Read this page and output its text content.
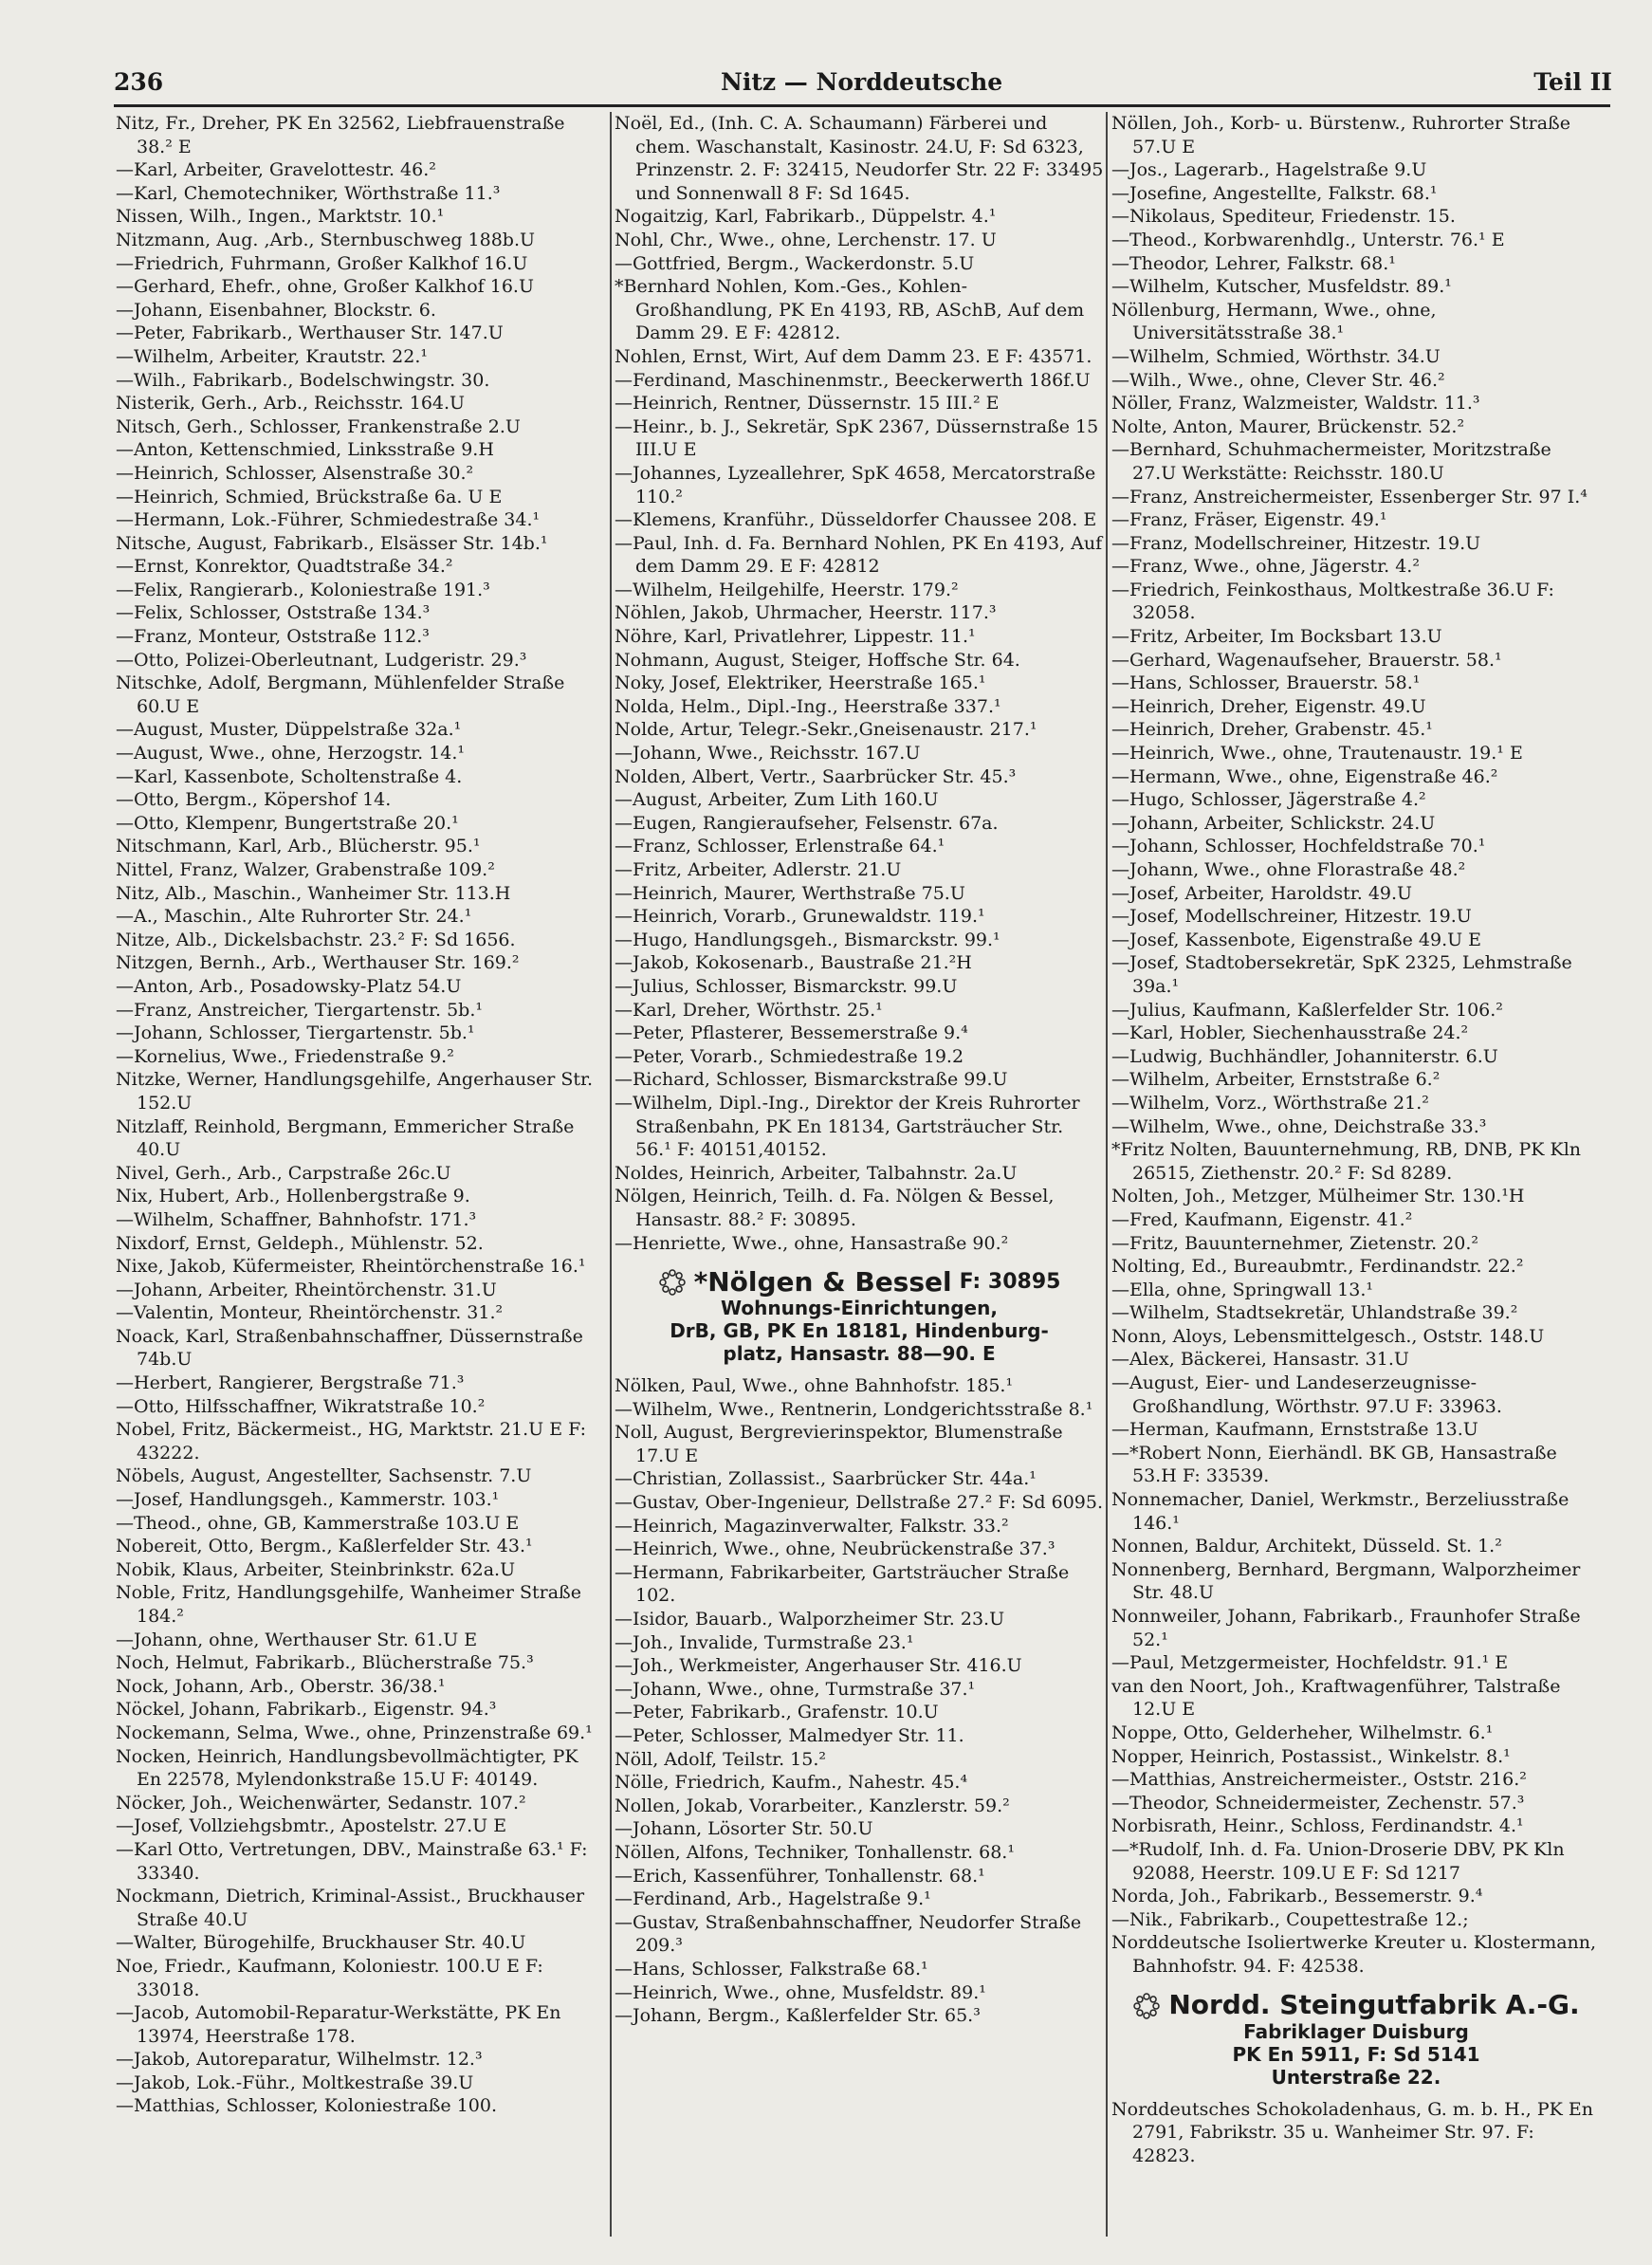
236	Nitz — Norddeutsche	Teil II

Nitz, Fr., Dreher, PK En 32562, Liebfrauenstraße 38.² E

—Karl, Arbeiter, Gravelottestr. 46.²

—Karl, Chemotechniker, Wörthstraße 11.³

Nissen, Wilh., Ingen., Marktstr. 10.¹

Nitzmann, Aug. ,Arb., Sternbuschweg 188b.U

—Friedrich, Fuhrmann, Großer Kalkhof 16.U

—Gerhard, Ehefr., ohne, Großer Kalkhof 16.U

—Johann, Eisenbahner, Blockstr. 6.

—Peter, Fabrikarb., Werthauser Str. 147.U

—Wilhelm, Arbeiter, Krautstr. 22.¹

—Wilh., Fabrikarb., Bodelschwingstr. 30.

Nisterik, Gerh., Arb., Reichsstr. 164.U

Nitsch, Gerh., Schlosser, Frankenstraße 2.U

—Anton, Kettenschmied, Linksstraße 9.H

—Heinrich, Schlosser, Alsenstraße 30.²

—Heinrich, Schmied, Brückstraße 6a. U E

—Hermann, Lok.-Führer, Schmiedestraße 34.¹

Nitsche, August, Fabrikarb., Elsässer Str. 14b.¹

—Ernst, Konrektor, Quadtstraße 34.²

—Felix, Rangierarb., Koloniestraße 191.³

—Felix, Schlosser, Oststraße 134.³

—Franz, Monteur, Oststraße 112.³

—Otto, Polizei-Oberleutnant, Ludgeristr. 29.³

Nitschke, Adolf, Bergmann, Mühlenfelder Straße 60.U E

—August, Muster, Düppelstraße 32a.¹

—August, Wwe., ohne, Herzogstr. 14.¹

—Karl, Kassenbote, Scholtenstraße 4.

—Otto, Bergm., Köpershof 14.

—Otto, Klempenr, Bungertstraße 20.¹

Nitschmann, Karl, Arb., Blücherstr. 95.¹

Nittel, Franz, Walzer, Grabenstraße 109.²

Nitz, Alb., Maschin., Wanheimer Str. 113.H

—A., Maschin., Alte Ruhrorter Str. 24.¹

Nitze, Alb., Dickelsbachstr. 23.² F: Sd 1656.

Nitzgen, Bernh., Arb., Werthauser Str. 169.²

—Anton, Arb., Posadowsky-Platz 54.U

—Franz, Anstreicher, Tiergartenstr. 5b.¹

—Johann, Schlosser, Tiergartenstr. 5b.¹

—Kornelius, Wwe., Friedenstraße 9.²

Nitzke, Werner, Handlungsgehilfe, Angerhauser Str. 152.U

Nitzlaff, Reinhold, Bergmann, Emmericher Straße 40.U

Nivel, Gerh., Arb., Carpstraße 26c.U

Nix, Hubert, Arb., Hollenbergstraße 9.

—Wilhelm, Schaffner, Bahnhofstr. 171.³

Nixdorf, Ernst, Geldерh., Mühlenstr. 52.

Nixe, Jakob, Küfermeister, Rheintörchenstraße 16.¹

—Johann, Arbeiter, Rheintörchenstr. 31.U

—Valentin, Monteur, Rheintörchenstr. 31.²

Noack, Karl, Straßenbahnschaffner, Düssernstraße 74b.U

—Herbert, Rangierer, Bergstraße 71.³

—Otto, Hilfsschaffner, Wikratstraße 10.²

Nobel, Fritz, Bäckermeist., HG, Marktstr. 21.U E F: 43222.

Nöbels, August, Angestellter, Sachsenstr. 7.U

—Josef, Handlungsgeh., Kammerstr. 103.¹

—Theod., ohne, GB, Kammerstraße 103.U E

Nobereit, Otto, Bergm., Kaßlerfelder Str. 43.¹

Nobik, Klaus, Arbeiter, Steinbrinkstr. 62a.U

Noble, Fritz, Handlungsgehilfe, Wanheimer Straße 184.²

—Johann, ohne, Werthauser Str. 61.U E

Noch, Helmut, Fabrikarb., Blücherstraße 75.³

Nock, Johann, Arb., Oberstr. 36/38.¹

Nöckel, Johann, Fabrikarb., Eigenstr. 94.³

Nockemann, Selma, Wwe., ohne, Prinzenstraße 69.¹

Nocken, Heinrich, Handlungsbevollmächtigter, PK En 22578, Mylendonkstraße 15.U F: 40149.

Nöcker, Joh., Weichenwärter, Sedanstr. 107.²

—Josef, Vollziehgsbmtr., Apostelstr. 27.U E

—Karl Otto, Vertretungen, DBV., Mainstraße 63.¹ F: 33340.

Nockmann, Dietrich, Kriminal-Assist., Bruckhauser Straße 40.U

—Walter, Bürogehilfe, Bruckhauser Str. 40.U

Noe, Friedr., Kaufmann, Koloniestr. 100.U E F: 33018.

—Jacob, Automobil-Reparatur-Werkstätte, PK En 13974, Heerstraße 178.

—Jakob, Autoreparatur, Wilhelmstr. 12.³

—Jakob, Lok.-Führ., Moltkestraße 39.U

—Matthias, Schlosser, Koloniestraße 100.

Noël, Ed., (Inh. C. A. Schaumann) Färberei und chem. Waschanstalt, Kasinostr. 24.U, F: Sd 6323, Prinzenstr. 2. F: 32415, Neudorfer Str. 22 F: 33495 und Sonnenwall 8 F: Sd 1645.

Nogaitzig, Karl, Fabrikarb., Düppelstr. 4.¹

Nohl, Chr., Wwe., ohne, Lerchenstr. 17. U

—Gottfried, Bergm., Wackerdonstr. 5.U

*Bernhard Nohlen, Kom.-Ges., Kohlen-Großhandlung, PK En 4193, RB, ASchB, Auf dem Damm 29. E F: 42812.

Nohlen, Ernst, Wirt, Auf dem Damm 23. E F: 43571.

—Ferdinand, Maschinenmstr., Beeckerwerth 186f.U

—Heinrich, Rentner, Düssernstr. 15 III.² E

—Heinr., b. J., Sekretär, SpK 2367, Düssernstraße 15 III.U E

—Johannes, Lyzeallehrer, SpK 4658, Mercatorstraße 110.²

—Klemens, Kranführ., Düsseldorfer Chaussee 208. E

—Paul, Inh. d. Fa. Bernhard Nohlen, PK En 4193, Auf dem Damm 29. E F: 42812

—Wilhelm, Heilgehilfe, Heerstr. 179.²

Nöhlen, Jakob, Uhrmacher, Heerstr. 117.³

Nöhre, Karl, Privatlehrer, Lippestr. 11.¹

Nohmann, August, Steiger, Hoffsche Str. 64.

Noky, Josef, Elektriker, Heerstraße 165.¹

Nolda, Helm., Dipl.-Ing., Heerstraße 337.¹

Nolde, Artur, Telegr.-Sekr.,Gneisenaustr. 217.¹

—Johann, Wwe., Reichsstr. 167.U

Nolden, Albert, Vertr., Saarbrücker Str. 45.³

—August, Arbeiter, Zum Lith 160.U

—Eugen, Rangieraufseher, Felsenstr. 67a.

—Franz, Schlosser, Erlenstraße 64.¹

—Fritz, Arbeiter, Adlerstr. 21.U

—Heinrich, Maurer, Werthstraße 75.U

—Heinrich, Vorarb., Grunewaldstr. 119.¹

—Hugo, Handlungsgeh., Bismarckstr. 99.¹

—Jakob, Kokosenarb., Baustraße 21.²H

—Julius, Schlosser, Bismarckstr. 99.U

—Karl, Dreher, Wörthstr. 25.¹

—Peter, Pflasterer, Bessemerstraße 9.⁴

—Peter, Vorarb., Schmiedestraße 19.2

—Richard, Schlosser, Bismarckstraße 99.U

—Wilhelm, Dipl.-Ing., Direktor der Kreis Ruhrorter Straßenbahn, PK En 18134, Gartsträucher Str. 56.¹ F: 40151,40152.

Noldes, Heinrich, Arbeiter, Talbahnstr. 2a.U

Nölgen, Heinrich, Teilh. d. Fa. Nölgen & Bessel, Hansastr. 88.² F: 30895.

—Henriette, Wwe., ohne, Hansastraße 90.²

*Nölgen & Bessel F: 30895
Wohnungs-Einrichtungen,
DrB, GB, PK En 18181, Hindenburg-
platz, Hansastr. 88—90. E

Nölken, Paul, Wwe., ohne Bahnhofstr. 185.¹

—Wilhelm, Wwe., Rentnerin, Londgerichtsstraße 8.¹

Noll, August, Bergrevierinspektor, Blumenstraße 17.U E

—Christian, Zollassist., Saarbrücker Str. 44a.¹

—Gustav, Ober-Ingenieur, Dellstraße 27.² F: Sd 6095.

—Heinrich, Magazinverwalter, Falkstr. 33.²

—Heinrich, Wwe., ohne, Neubrückenstraße 37.³

—Hermann, Fabrikarbeiter, Gartsträucher Straße 102.

—Isidor, Bauarb., Walporzheimer Str. 23.U

—Joh., Invalide, Turmstraße 23.¹

—Joh., Werkmeister, Angerhauser Str. 416.U

—Johann, Wwe., ohne, Turmstraße 37.¹

—Peter, Fabrikarb., Grafenstr. 10.U

—Peter, Schlosser, Malmedyer Str. 11.

Nöll, Adolf, Teilstr. 15.²

Nölle, Friedrich, Kaufm., Nahestr. 45.⁴

Nollen, Jokab, Vorarbeiter., Kanzlerstr. 59.²

—Johann, Lösorter Str. 50.U

Nöllen, Alfons, Techniker, Tonhallenstr. 68.¹

—Erich, Kassenführer, Tonhallenstr. 68.¹

—Ferdinand, Arb., Hagelstraße 9.¹

—Gustav, Straßenbahnschaffner, Neudorfer Straße 209.³

—Hans, Schlosser, Falkstraße 68.¹

—Heinrich, Wwe., ohne, Musfeldstr. 89.¹

—Johann, Bergm., Kaßlerfelder Str. 65.³

Nöllen, Joh., Korb- u. Bürstenw., Ruhrorter Straße 57.U E

—Jos., Lagerarb., Hagelstraße 9.U

—Josefine, Angestellte, Falkstr. 68.¹

—Nikolaus, Spediteur, Friedenstr. 15.

—Theod., Korbwarenhdlg., Unterstr. 76.¹ E

—Theodor, Lehrer, Falkstr. 68.¹

—Wilhelm, Kutscher, Musfeldstr. 89.¹

Nöllenburg, Hermann, Wwe., ohne, Universitätsstraße 38.¹

—Wilhelm, Schmied, Wörthstr. 34.U

—Wilh., Wwe., ohne, Clever Str. 46.²

Nöller, Franz, Walzmeister, Waldstr. 11.³

Nolte, Anton, Maurer, Brückenstr. 52.²

—Bernhard, Schuhmachermeister, Moritzstraße 27.U Werkstätte: Reichsstr. 180.U

—Franz, Anstreichermeister, Essenberger Str. 97 I.⁴

—Franz, Fräser, Eigenstr. 49.¹

—Franz, Modellschreiner, Hitzestr. 19.U

—Franz, Wwe., ohne, Jägerstr. 4.²

—Friedrich, Feinkosthaus, Moltkestraße 36.U F: 32058.

—Fritz, Arbeiter, Im Bocksbart 13.U

—Gerhard, Wagenaufseher, Brauerstr. 58.¹

—Hans, Schlosser, Brauerstr. 58.¹

—Heinrich, Dreher, Eigenstr. 49.U

—Heinrich, Dreher, Grabenstr. 45.¹

—Heinrich, Wwe., ohne, Trautenaustr. 19.¹ E

—Hermann, Wwe., ohne, Eigenstraße 46.²

—Hugo, Schlosser, Jägerstraße 4.²

—Johann, Arbeiter, Schlickstr. 24.U

—Johann, Schlosser, Hochfeldstraße 70.¹

—Johann, Wwe., ohne Florastraße 48.²

—Josef, Arbeiter, Haroldstr. 49.U

—Josef, Modellschreiner, Hitzestr. 19.U

—Josef, Kassenbote, Eigenstraße 49.U E

—Josef, Stadtobersekretär, SpK 2325, Lehmstraße 39a.¹

—Julius, Kaufmann, Kaßlerfelder Str. 106.²

—Karl, Hobler, Siechenhausstraße 24.²

—Ludwig, Buchhändler, Johanniterstr. 6.U

—Wilhelm, Arbeiter, Ernststraße 6.²

—Wilhelm, Vorz., Wörthstraße 21.²

—Wilhelm, Wwe., ohne, Deichstraße 33.³

*Fritz Nolten, Bauunternehmung, RB, DNB, PK Kln 26515, Ziethenstr. 20.² F: Sd 8289.

Nolten, Joh., Metzger, Mülheimer Str. 130.¹H

—Fred, Kaufmann, Eigenstr. 41.²

—Fritz, Bauunternehmer, Zietenstr. 20.²

Nolting, Ed., Bureaubmtr., Ferdinandstr. 22.²

—Ella, ohne, Springwall 13.¹

—Wilhelm, Stadtsekretär, Uhlandstraße 39.²

Nonn, Aloys, Lebensmittelgesch., Oststr. 148.U

—Alex, Bäckerei, Hansastr. 31.U

—August, Eier- und Landeserzeugnisse-Großhandlung, Wörthstr. 97.U F: 33963.

—Herman, Kaufmann, Ernststraße 13.U

—*Robert Nonn, Eierhändl. BK GB, Hansastraße 53.H F: 33539.

Nonnemacher, Daniel, Werkmstr., Berzeliusstraße 146.¹

Nonnen, Baldur, Architekt, Düsseld. St. 1.²

Nonnenberg, Bernhard, Bergmann, Walporzheimer Str. 48.U

Nonnweiler, Johann, Fabrikarb., Fraunhofer Straße 52.¹

—Paul, Metzgermeister, Hochfeldstr. 91.¹ E

van den Noort, Joh., Kraftwagenführer, Talstraße 12.U E

Noppe, Otto, Gelderheher, Wilhelmstr. 6.¹

Nopper, Heinrich, Postassist., Winkelstr. 8.¹

—Matthias, Anstreichermeister., Oststr. 216.²

—Theodor, Schneidermeister, Zechenstr. 57.³

Norbisrath, Heinr., Schloss, Ferdinandstr. 4.¹

—*Rudolf, Inh. d. Fa. Union-Droserie DBV, PK Kln 92088, Heerstr. 109.U E F: Sd 1217

Norda, Joh., Fabrikarb., Bessemerstr. 9.⁴

—Nik., Fabrikarb., Coupettestraße 12.;

Norddeutsche Isoliertwerke Kreuter u. Klostermann, Bahnhofstr. 94. F: 42538.

Nordd. Steingutfabrik A.-G.
Fabriklager Duisburg
PK En 5911, F: Sd 5141
Unterstraße 22.

Norddeutsches Schokoladenhaus, G. m. b. H., PK En 2791, Fabrikstr. 35 u. Wanheimer Str. 97. F: 42823.
